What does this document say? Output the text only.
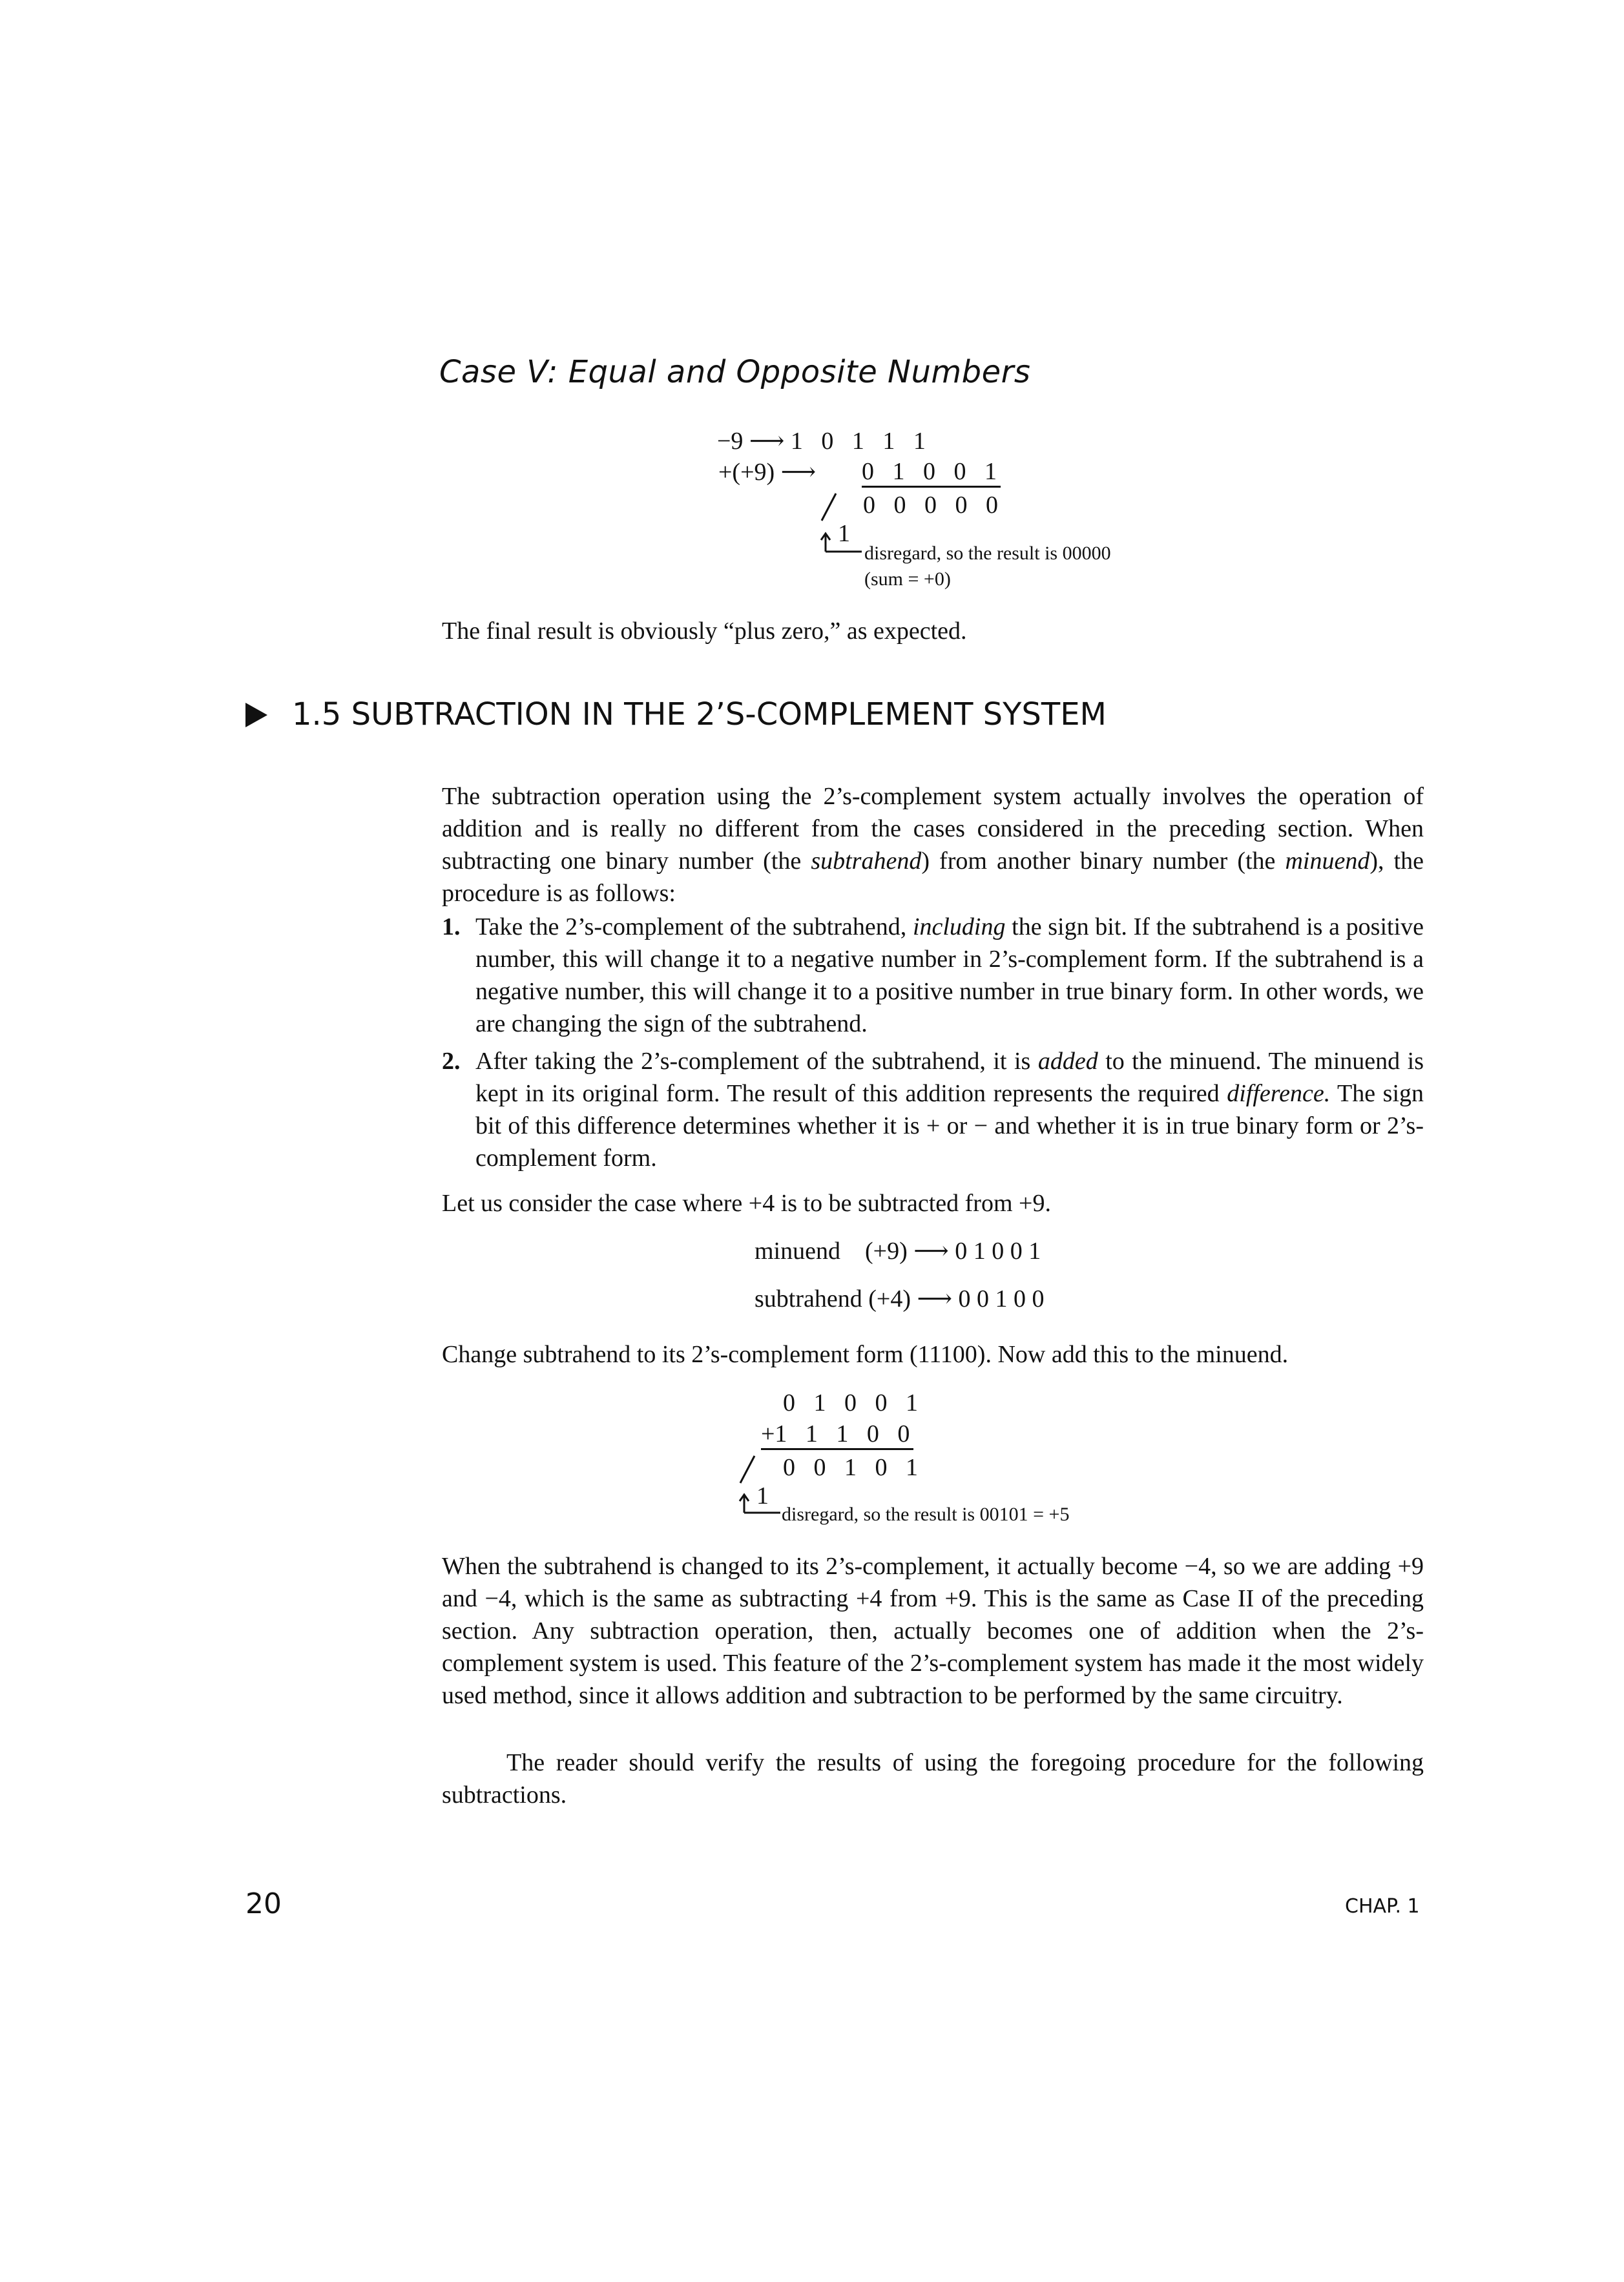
Case V: Equal and Opposite Numbers
−9 ⟶ 1   0   1   1   1
+(+9) ⟶ 0   1   0   0   1

1

0   0   0   0   0
disregard, so the result is 00000
(sum = +0)

The final result is obviously “plus zero,” as expected.

1.5 SUBTRACTION IN THE 2’S-COMPLEMENT SYSTEM

The subtraction operation using the 2’s-complement system actually involves the operation of addition and is really no different from the cases considered in the preceding section. When subtracting one binary number (the subtrahend) from another binary number (the minuend), the procedure is as follows:

1. Take the 2’s-complement of the subtrahend, including the sign bit. If the subtrahend is a positive number, this will change it to a negative number in 2’s-complement form. If the subtrahend is a negative number, this will change it to a positive number in true binary form. In other words, we are changing the sign of the subtrahend.
2. After taking the 2’s-complement of the subtrahend, it is added to the minuend. The minuend is kept in its original form. The result of this addition represents the required difference. The sign bit of this difference determines whether it is + or − and whether it is in true binary form or 2’s-complement form.

Let us consider the case where +4 is to be subtracted from +9.

minuend    (+9) ⟶ 0 1 0 0 1
subtrahend (+4) ⟶ 0 0 1 0 0

Change subtrahend to its 2’s-complement form (11100). Now add this to the minuend.

0   1   0   0   1
+1   1   1   0   0

1

0   0   1   0   1
disregard, so the result is 00101 = +5

When the subtrahend is changed to its 2’s-complement, it actually become −4, so we are adding +9 and −4, which is the same as subtracting +4 from +9. This is the same as Case II of the preceding section. Any subtraction operation, then, actually becomes one of addition when the 2’s-complement system is used. This feature of the 2’s-complement system has made it the most widely used method, since it allows addition and subtraction to be performed by the same circuitry.

The reader should verify the results of using the foregoing procedure for the following subtractions.

20	CHAP. 1
